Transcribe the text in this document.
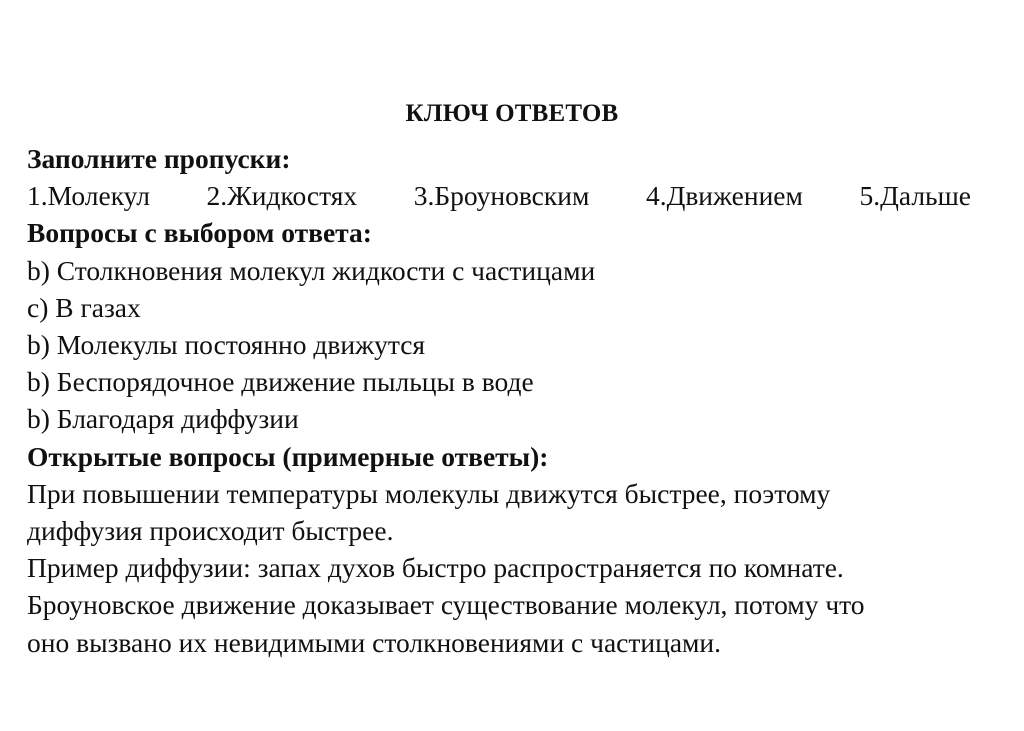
КЛЮЧ ОТВЕТОВ
Заполните пропуски:
1.Молекул 2.Жидкостях 3.Броуновским 4.Движением 5.Дальше
Вопросы с выбором ответа:
b) Столкновения молекул жидкости с частицами
c) В газах
b) Молекулы постоянно движутся
b) Беспорядочное движение пыльцы в воде
b) Благодаря диффузии
Открытые вопросы (примерные ответы):
При повышении температуры молекулы движутся быстрее, поэтому
диффузия происходит быстрее.
Пример диффузии: запах духов быстро распространяется по комнате.
Броуновское движение доказывает существование молекул, потому что
оно вызвано их невидимыми столкновениями с частицами.
